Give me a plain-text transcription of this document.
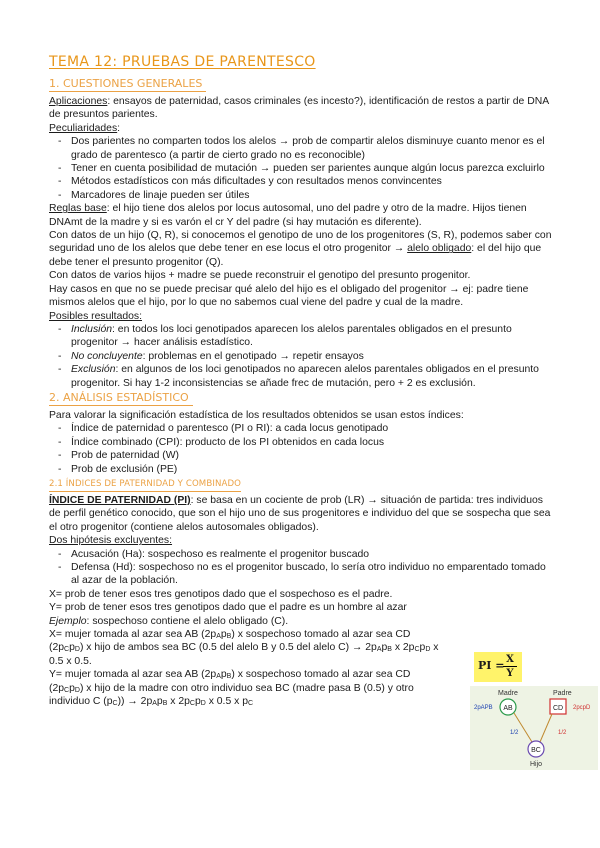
TEMA 12: PRUEBAS DE PARENTESCO
1. CUESTIONES GENERALES

Aplicaciones: ensayos de paternidad, casos criminales (es incesto?), identificación de restos a partir de DNA de presuntos parientes.

Peculiaridades:

- Dos parientes no comparten todos los alelos → prob de compartir alelos disminuye cuanto menor es el grado de parentesco (a partir de cierto grado no es reconocible)
- Tener en cuenta posibilidad de mutación → pueden ser parientes aunque algún locus parezca excluirlo
- Métodos estadísticos con más dificultades y con resultados menos convincentes
- Marcadores de linaje pueden ser útiles

Reglas base: el hijo tiene dos alelos por locus autosomal, uno del padre y otro de la madre. Hijos tienen DNAmt de la madre y si es varón el cr Y del padre (si hay mutación es diferente).

Con datos de un hijo (Q, R), si conocemos el genotipo de uno de los progenitores (S, R), podemos saber con seguridad uno de los alelos que debe tener en ese locus el otro progenitor → alelo obligado: el del hijo que debe tener el presunto progenitor (Q).

Con datos de varios hijos + madre se puede reconstruir el genotipo del presunto progenitor.

Hay casos en que no se puede precisar qué alelo del hijo es el obligado del progenitor → ej: padre tiene mismos alelos que el hijo, por lo que no sabemos cual viene del padre y cual de la madre.

Posibles resultados:

- Inclusión: en todos los loci genotipados aparecen los alelos parentales obligados en el presunto progenitor → hacer análisis estadístico.
- No concluyente: problemas en el genotipado → repetir ensayos
- Exclusión: en algunos de los loci genotipados no aparecen alelos parentales obligados en el presunto progenitor. Si hay 1-2 inconsistencias se añade frec de mutación, pero + 2 es exclusión.
2. ANÁLISIS ESTADÍSTICO

Para valorar la significación estadística de los resultados obtenidos se usan estos índices:

- Índice de paternidad o parentesco (PI o RI): a cada locus genotipado
- Índice combinado (CPI): producto de los PI obtenidos en cada locus
- Prob de paternidad (W)
- Prob de exclusión (PE)
2.1 ÍNDICES DE PATERNIDAD Y COMBINADO

ÍNDICE DE PATERNIDAD (PI): se basa en un cociente de prob (LR) → situación de partida: tres individuos de perfil genético conocido, que son el hijo uno de sus progenitores e individuo del que se sospecha que sea el otro progenitor (contiene alelos autosomales obligados).

Dos hipótesis excluyentes:

- Acusación (Ha): sospechoso es realmente el progenitor buscado
- Defensa (Hd): sospechoso no es el progenitor buscado, lo sería otro individuo no emparentado tomado al azar de la población.

X= prob de tener esos tres genotipos dado que el sospechoso es el padre.

Y= prob de tener esos tres genotipos dado que el padre es un hombre al azar

Ejemplo: sospechoso contiene el alelo obligado (C).

X= mujer tomada al azar sea AB (2pApB) x sospechoso tomado al azar sea CD (2pCpD) x hijo de ambos sea BC (0.5 del alelo B y 0.5 del alelo C) → 2pApB x 2pCpD x 0.5 x 0.5.

Y= mujer tomada al azar sea AB (2pApB) x sospechoso tomado al azar sea CD (2pCpD) x hijo de la madre con otro individuo sea BC (madre pasa B (0.5) y otro individuo C (pC)) → 2pApB x 2pCpD x 0.5 x pC

PI =
$\frac{X}{Y}$
Madre	Padre
2pAPB AB	CD 2pcpD
1/2	1/2
BC
Hijo
